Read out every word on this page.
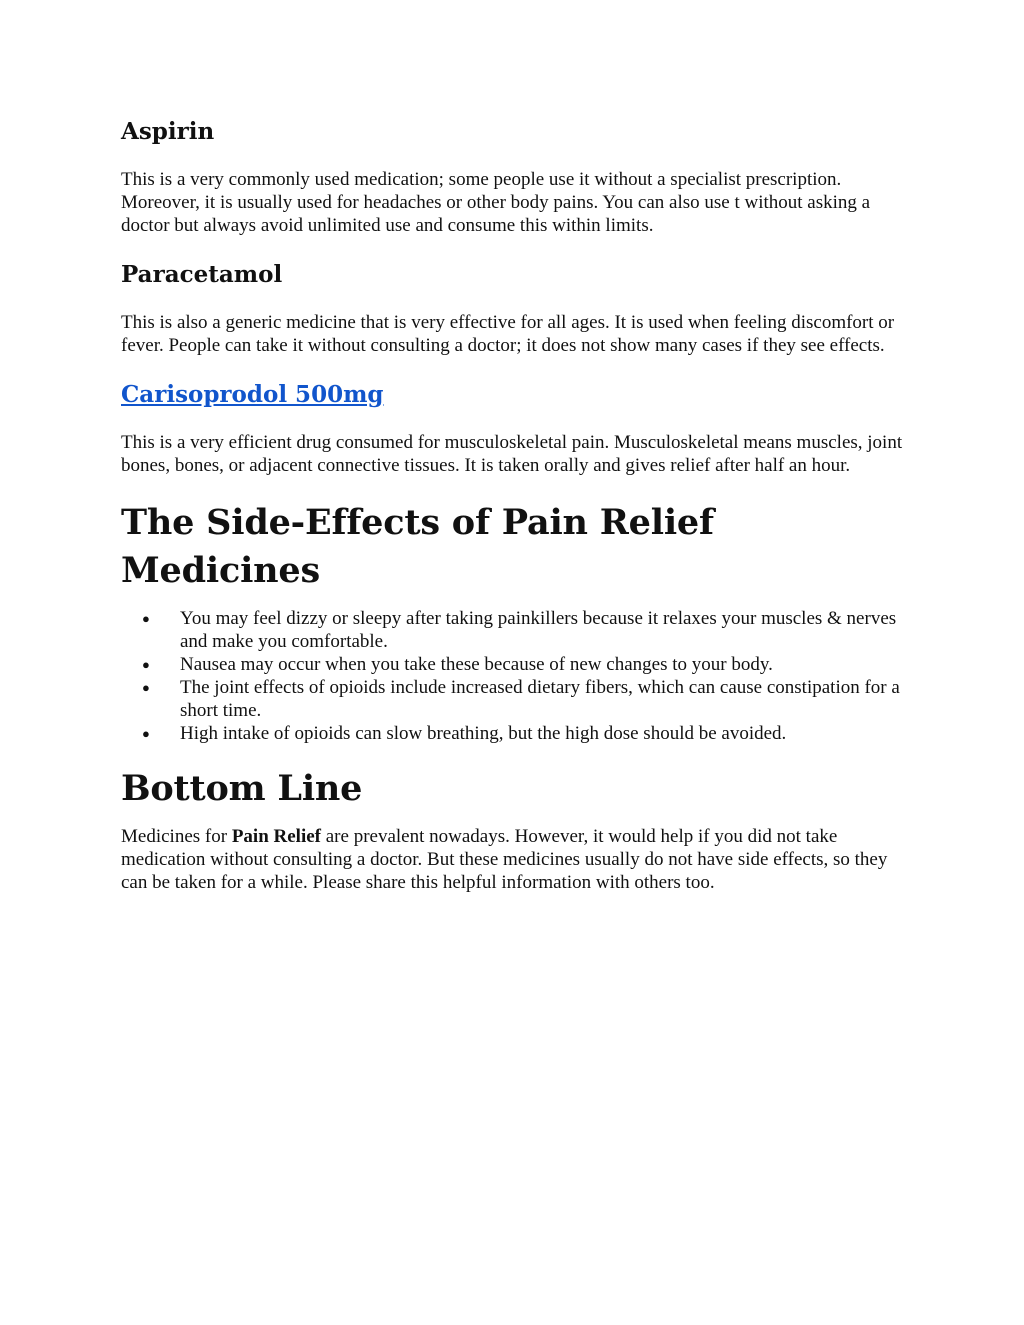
Aspirin

This is a very commonly used medication; some people use it without a specialist prescription. Moreover, it is usually used for headaches or other body pains. You can also use t without asking a doctor but always avoid unlimited use and consume this within limits.

Paracetamol

This is also a generic medicine that is very effective for all ages. It is used when feeling discomfort or fever. People can take it without consulting a doctor; it does not show many cases if they see effects.

Carisoprodol 500mg

This is a very efficient drug consumed for musculoskeletal pain. Musculoskeletal means muscles, joint bones, bones, or adjacent connective tissues. It is taken orally and gives relief after half an hour.

The Side-Effects of Pain Relief Medicines
● You may feel dizzy or sleepy after taking painkillers because it relaxes your muscles & nerves and make you comfortable.
● Nausea may occur when you take these because of new changes to your body.
● The joint effects of opioids include increased dietary fibers, which can cause constipation for a short time.
● High intake of opioids can slow breathing, but the high dose should be avoided.
Bottom Line

Medicines for Pain Relief are prevalent nowadays. However, it would help if you did not take medication without consulting a doctor. But these medicines usually do not have side effects, so they can be taken for a while. Please share this helpful information with others too.
